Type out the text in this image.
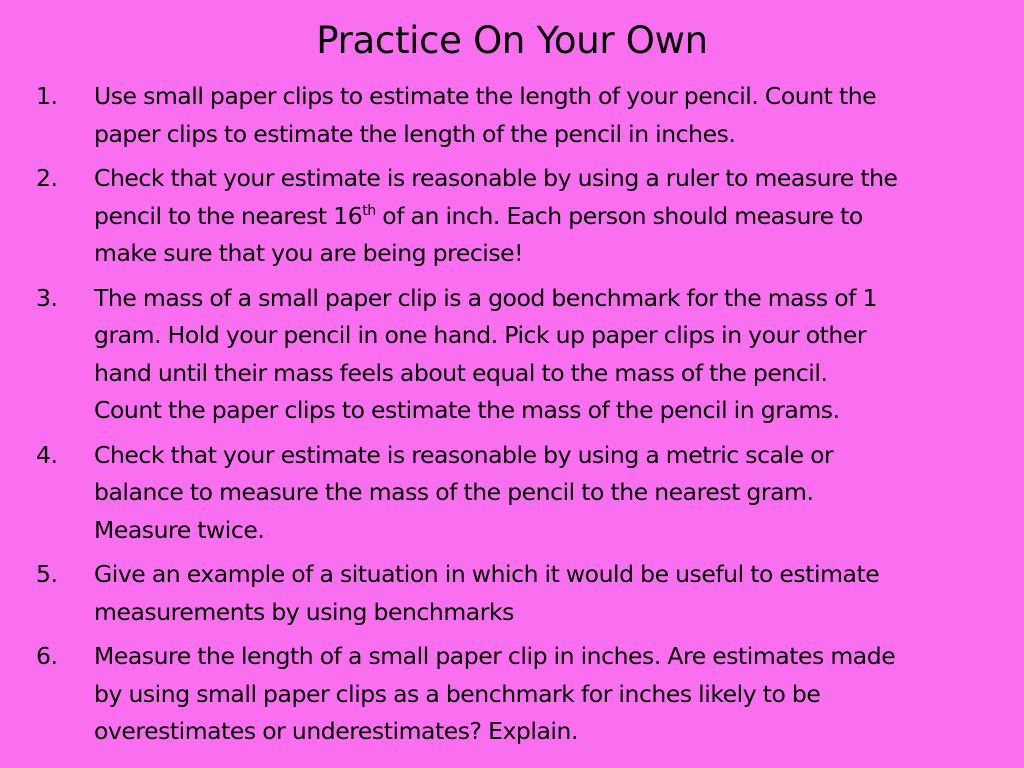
Practice On Your Own
1. Use small paper clips to estimate the length of your pencil. Count the
paper clips to estimate the length of the pencil in inches.
2. Check that your estimate is reasonable by using a ruler to measure the
pencil to the nearest 16th of an inch. Each person should measure to
make sure that you are being precise!
3. The mass of a small paper clip is a good benchmark for the mass of 1
gram. Hold your pencil in one hand. Pick up paper clips in your other
hand until their mass feels about equal to the mass of the pencil.
Count the paper clips to estimate the mass of the pencil in grams.
4. Check that your estimate is reasonable by using a metric scale or
balance to measure the mass of the pencil to the nearest gram.
Measure twice.
5. Give an example of a situation in which it would be useful to estimate
measurements by using benchmarks
6. Measure the length of a small paper clip in inches. Are estimates made
by using small paper clips as a benchmark for inches likely to be
overestimates or underestimates? Explain.
